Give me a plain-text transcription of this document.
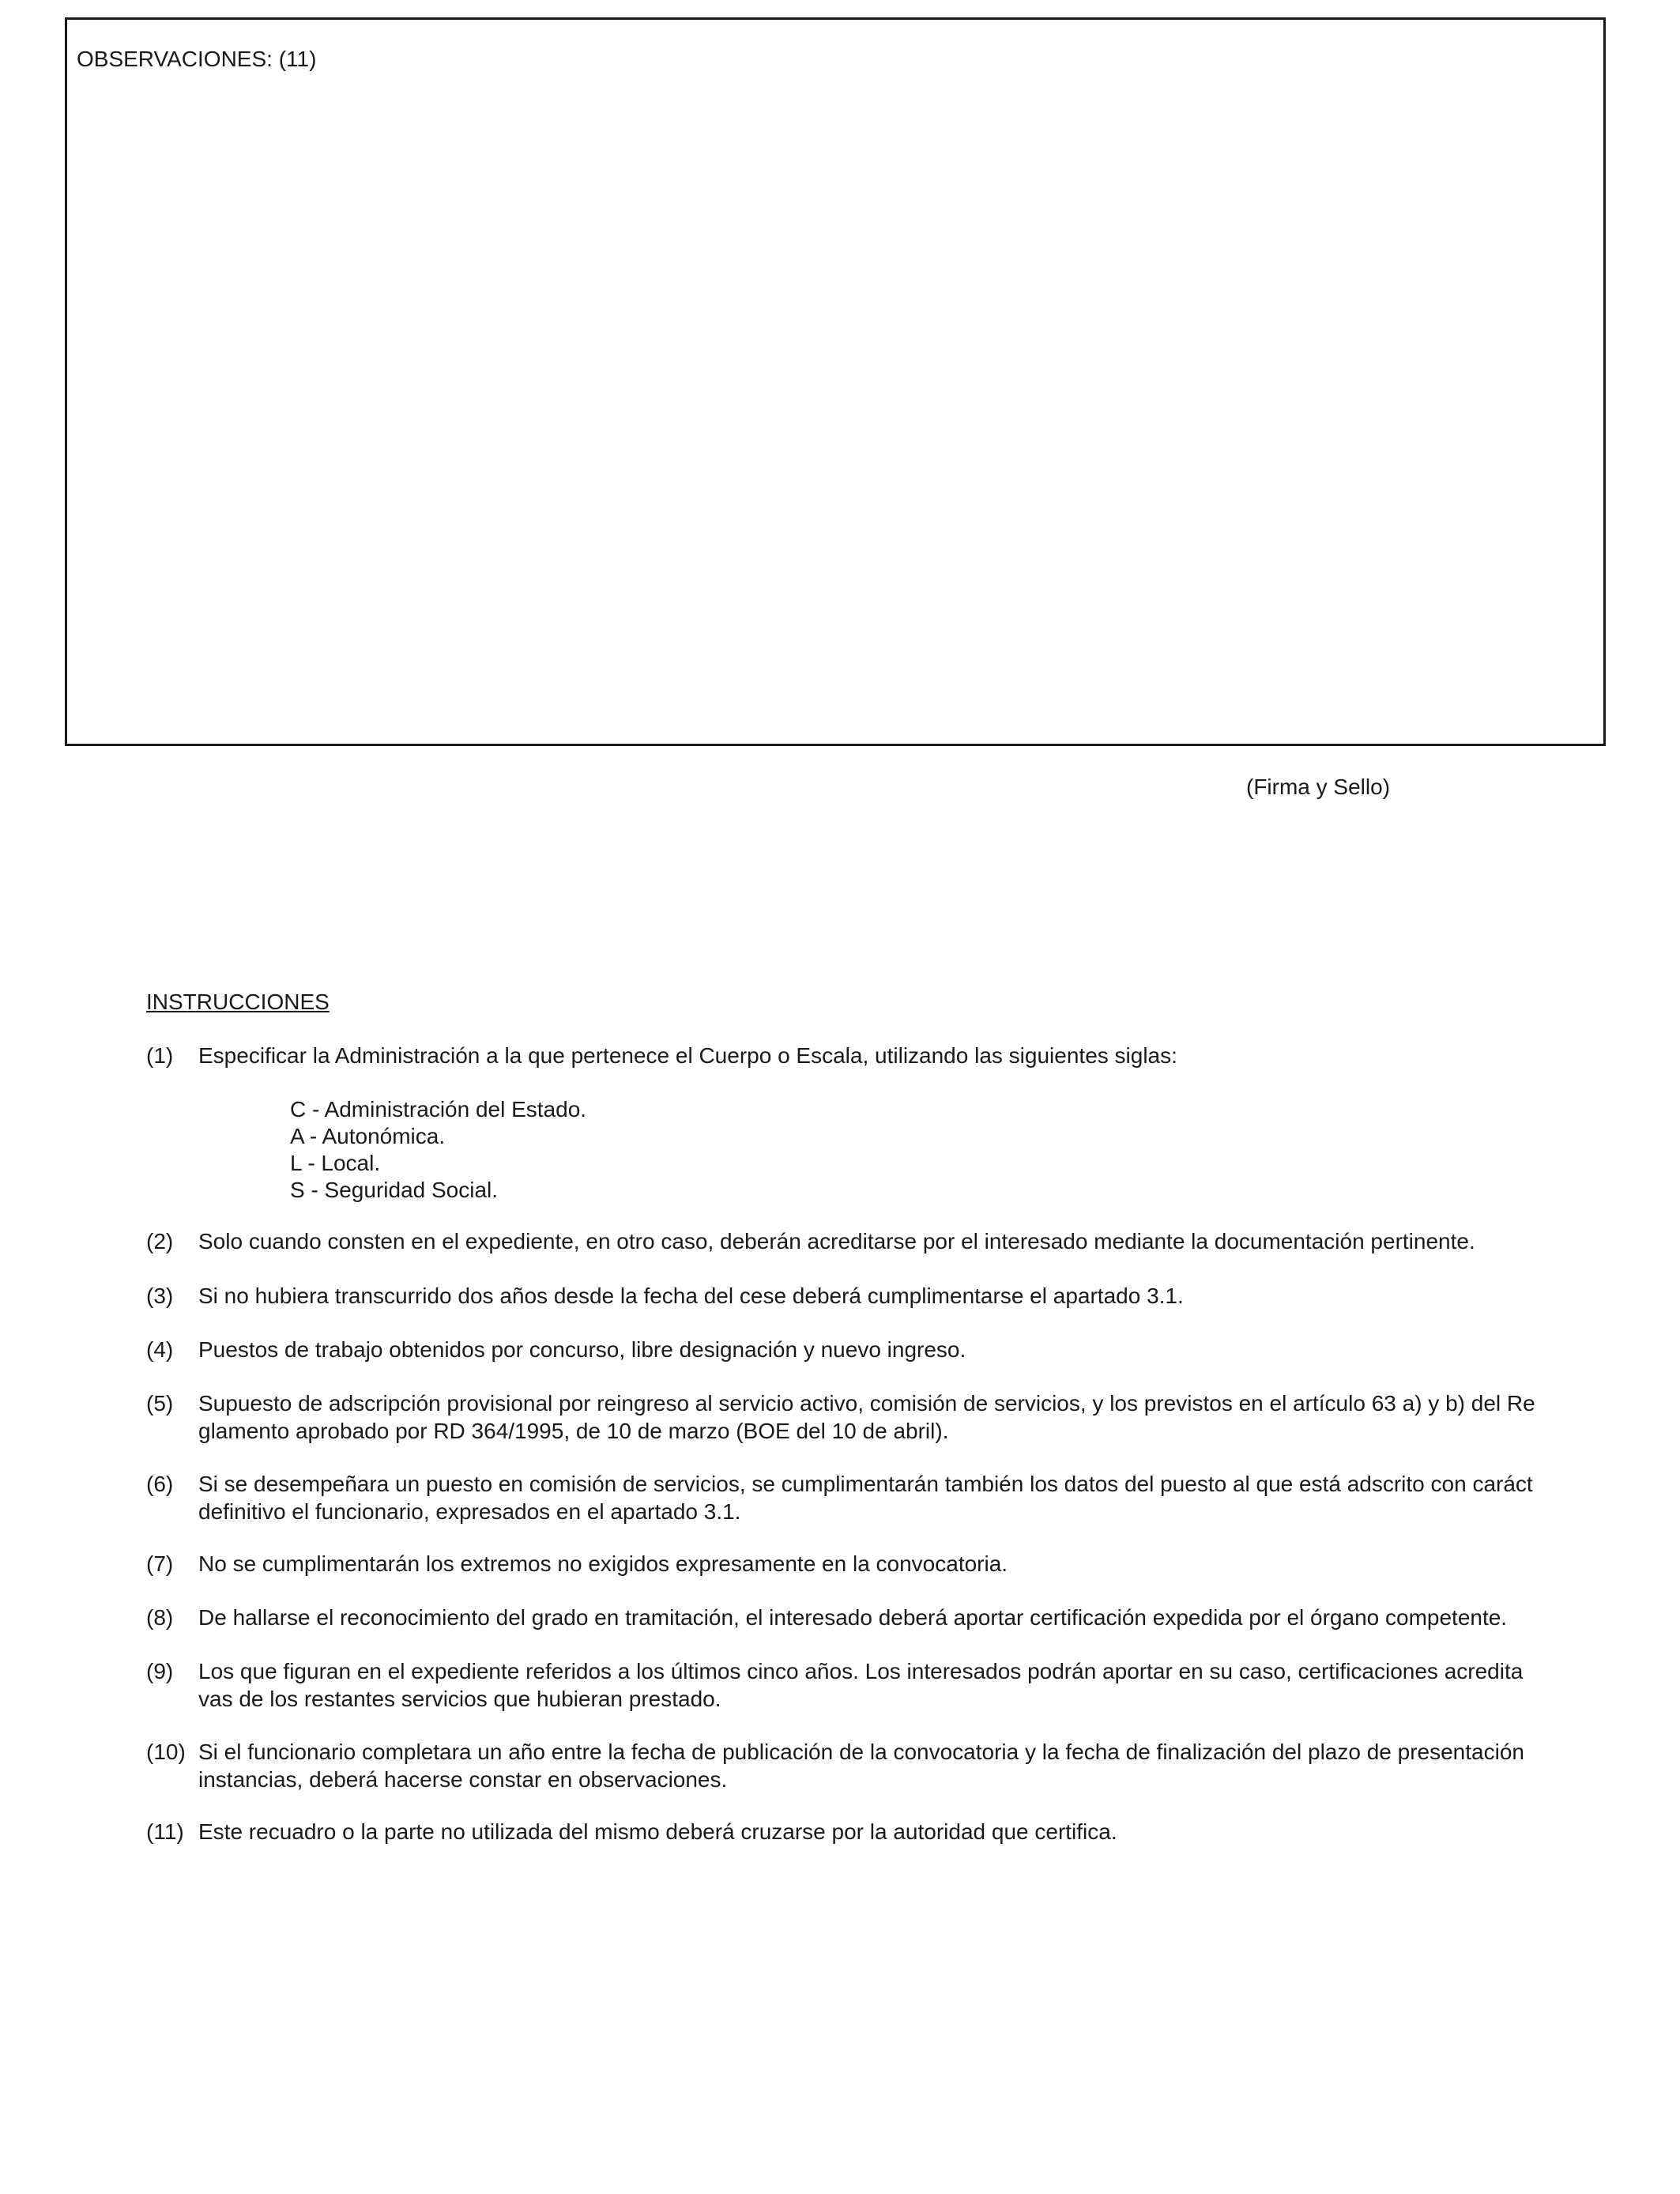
OBSERVACIONES: (11)
(Firma y Sello)
INSTRUCCIONES
(1) Especificar la Administración a la que pertenece el Cuerpo o Escala, utilizando las siguientes siglas:
C - Administración del Estado.
A - Autonómica.
L - Local.
S - Seguridad Social.
(2) Solo cuando consten en el expediente, en otro caso, deberán acreditarse por el interesado mediante la documentación pertinente.
(3) Si no hubiera transcurrido dos años desde la fecha del cese deberá cumplimentarse el apartado 3.1.
(4) Puestos de trabajo obtenidos por concurso, libre designación y nuevo ingreso.
(5) Supuesto de adscripción provisional por reingreso al servicio activo, comisión de servicios, y los previstos en el artículo 63 a) y b) del Re
glamento aprobado por RD 364/1995, de 10 de marzo (BOE del 10 de abril).
(6) Si se desempeñara un puesto en comisión de servicios, se cumplimentarán también los datos del puesto al que está adscrito con caráct
definitivo el funcionario, expresados en el apartado 3.1.
(7) No se cumplimentarán los extremos no exigidos expresamente en la convocatoria.
(8) De hallarse el reconocimiento del grado en tramitación, el interesado deberá aportar certificación expedida por el órgano competente.
(9) Los que figuran en el expediente referidos a los últimos cinco años. Los interesados podrán aportar en su caso, certificaciones acredita
vas de los restantes servicios que hubieran prestado.
(10) Si el funcionario completara un año entre la fecha de publicación de la convocatoria y la fecha de finalización del plazo de presentación
instancias, deberá hacerse constar en observaciones.
(11) Este recuadro o la parte no utilizada del mismo deberá cruzarse por la autoridad que certifica.
